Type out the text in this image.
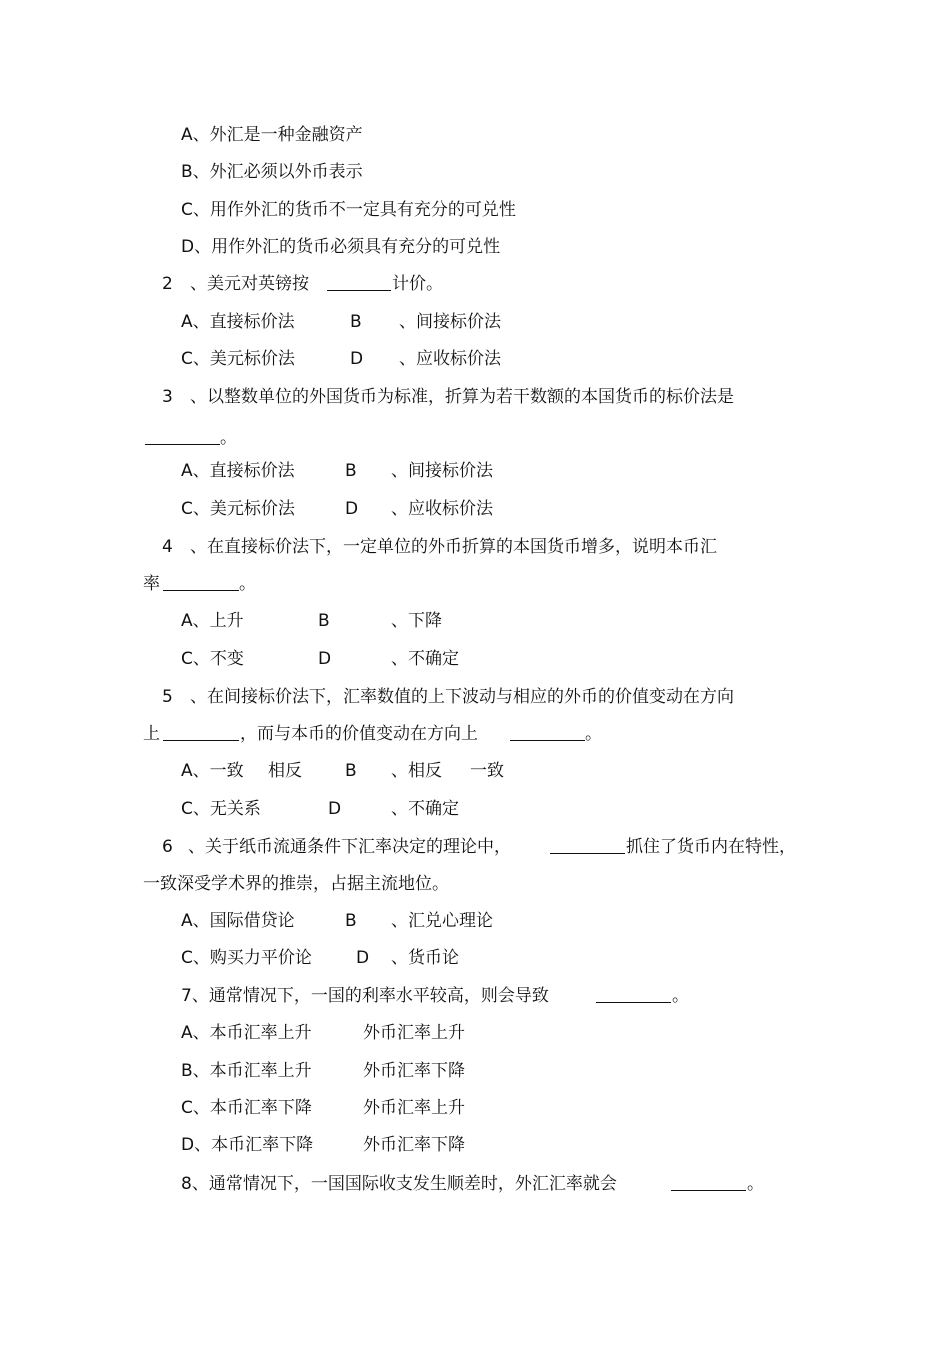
A、外汇是一种金融资产
B、外汇必须以外币表示
C、用作外汇的货币不一定具有充分的可兑性
D、用作外汇的货币必须具有充分的可兑性
2 、美元对英镑按	计价。
A、直接标价法	B 、间接标价法
C、美元标价法	D 、应收标价法
3 、以整数单位的外国货币为标准，折算为若干数额的本国货币的标价法是
。
A、直接标价法	B 、间接标价法
C、美元标价法	D 、应收标价法
4 、在直接标价法下，一定单位的外币折算的本国货币增多，说明本币汇
率	。
A、上升	B	、下降
C、不变	D	、不确定
5 、在间接标价法下，汇率数值的上下波动与相应的外币的价值变动在方向
上	，而与本币的价值变动在方向上	。
A、一致 相反	B 、相反 一致
C、无关系	D	、不确定
6 、关于纸币流通条件下汇率决定的理论中，	抓住了货币内在特性，
一致深受学术界的推崇，占据主流地位。
A、国际借贷论	B 、汇兑心理论
C、购买力平价论	D 、货币论
7、通常情况下，一国的利率水平较高，则会导致	。
A、本币汇率上升	外币汇率上升
B、本币汇率上升	外币汇率下降
C、本币汇率下降	外币汇率上升
D、本币汇率下降	外币汇率下降
8、通常情况下，一国国际收支发生顺差时，外汇汇率就会	。
